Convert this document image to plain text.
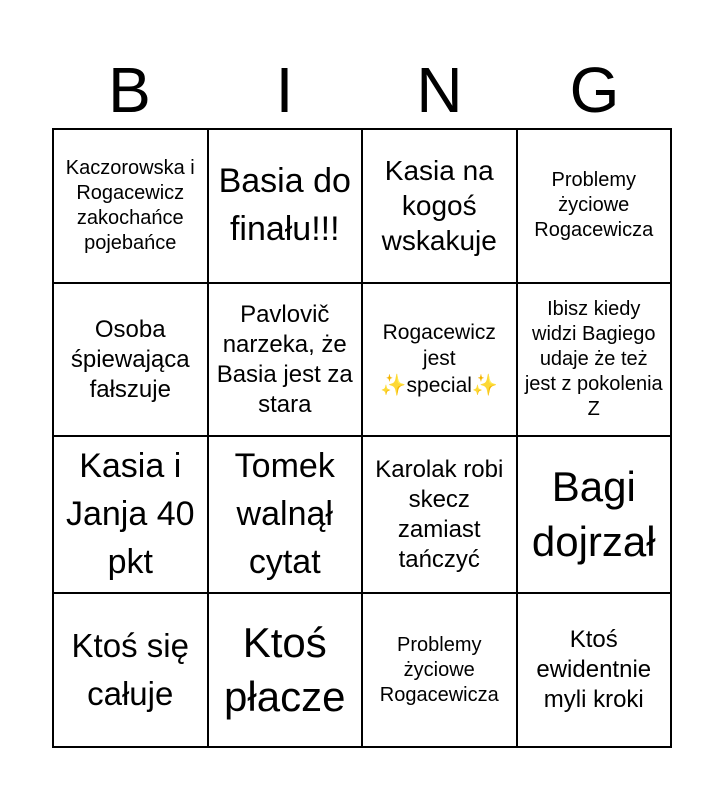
B	I	N	G
Kaczorowska i Rogacewicz zakochańce pojebańce
Basia do finału!!!
Kasia na kogoś wskakuje
Problemy życiowe Rogacewicza
Osoba śpiewająca fałszuje
Pavlovič narzeka, że Basia jest za stara
Rogacewicz jest ✨special✨
Ibisz kiedy widzi Bagiego udaje że też jest z pokolenia Z
Kasia i Janja 40 pkt
Tomek walnął cytat
Karolak robi skecz zamiast tańczyć
Bagi dojrzał
Ktoś się całuje
Ktoś płacze
Problemy życiowe Rogacewicza
Ktoś ewidentnie myli kroki
